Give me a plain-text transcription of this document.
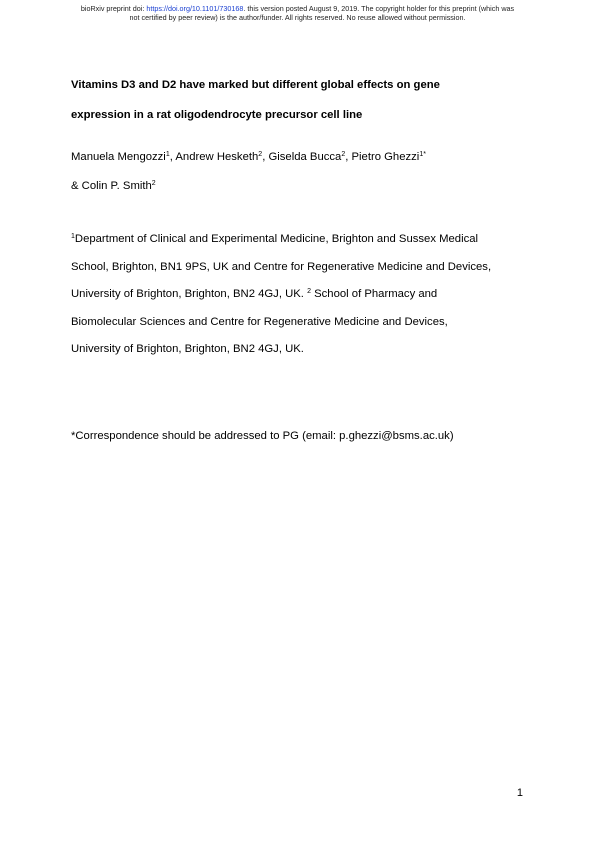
bioRxiv preprint doi: https://doi.org/10.1101/730168. this version posted August 9, 2019. The copyright holder for this preprint (which was
not certified by peer review) is the author/funder. All rights reserved. No reuse allowed without permission.
Vitamins D3 and D2 have marked but different global effects on gene
expression in a rat oligodendrocyte precursor cell line
Manuela Mengozzi$^1$, Andrew Hesketh$^2$, Giselda Bucca$^2$, Pietro Ghezzi$^{1*}$
& Colin P. Smith$^2$
$^1$Department of Clinical and Experimental Medicine, Brighton and Sussex Medical
School, Brighton, BN1 9PS, UK and Centre for Regenerative Medicine and Devices,
University of Brighton, Brighton, BN2 4GJ, UK. $^2$ School of Pharmacy and
Biomolecular Sciences and Centre for Regenerative Medicine and Devices,
University of Brighton, Brighton, BN2 4GJ, UK.
*Correspondence should be addressed to PG (email: p.ghezzi@bsms.ac.uk)
1
